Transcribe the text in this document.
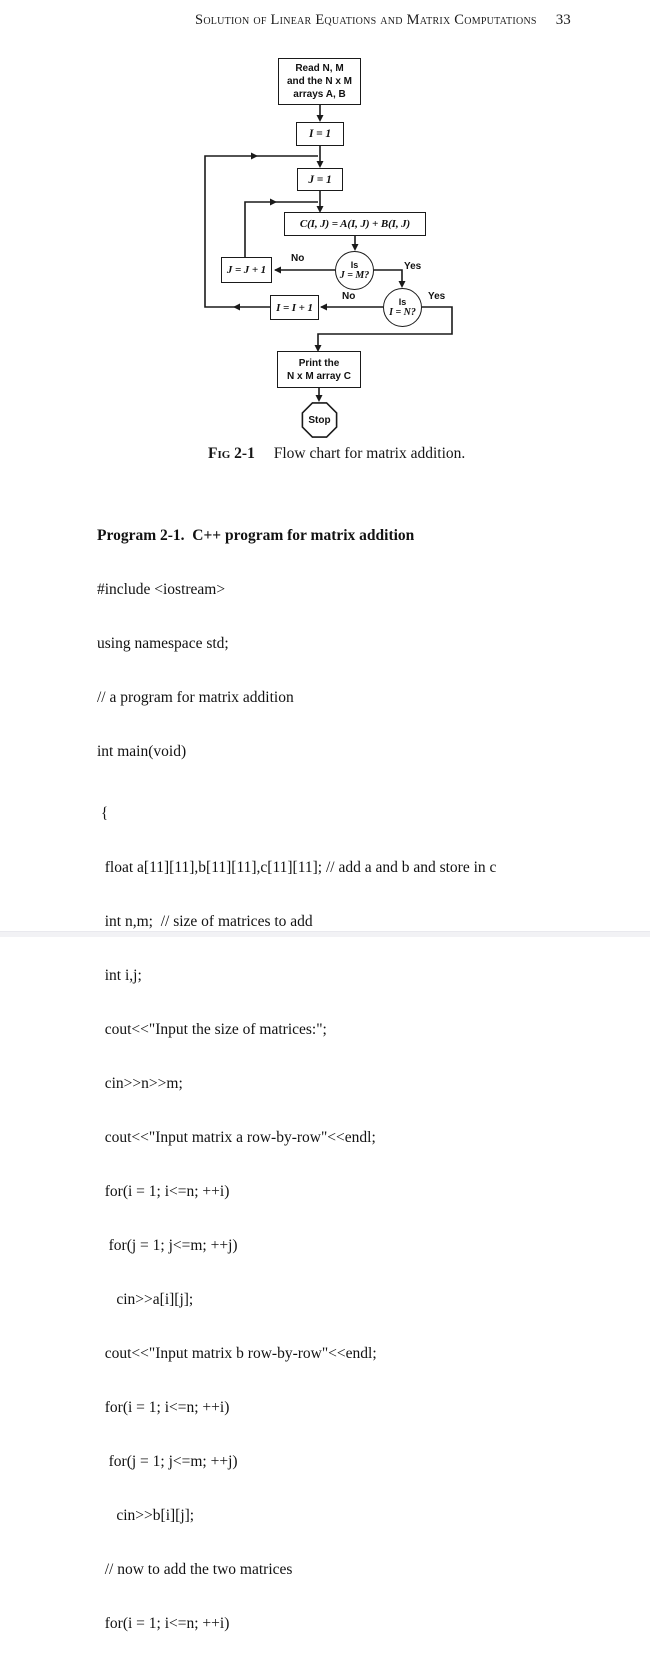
Solution of Linear Equations and Matrix Computations 33
Read N, M
and the N x M
arrays A, B
I = 1
J = 1
C(I, J) = A(I, J) + B(I, J)
J = J + 1
I = I + 1
Is
J = M?
Is
I = N?
Print the
N x M array C
Stop
No
Yes
No	Yes
Fig 2-1 Flow chart for matrix addition.

Program 2-1.  C++ program for matrix addition

#include <iostream>

using namespace std;

// a program for matrix addition

int main(void)

{

float a[11][11],b[11][11],c[11][11]; // add a and b and store in c

int n,m;  // size of matrices to add

int i,j;

cout<<"Input the size of matrices:";

cin>>n>>m;

cout<<"Input matrix a row-by-row"<<endl;

for(i = 1; i<=n; ++i)

for(j = 1; j<=m; ++j)

cin>>a[i][j];

cout<<"Input matrix b row-by-row"<<endl;

for(i = 1; i<=n; ++i)

for(j = 1; j<=m; ++j)

cin>>b[i][j];

// now to add the two matrices

for(i = 1; i<=n; ++i)
